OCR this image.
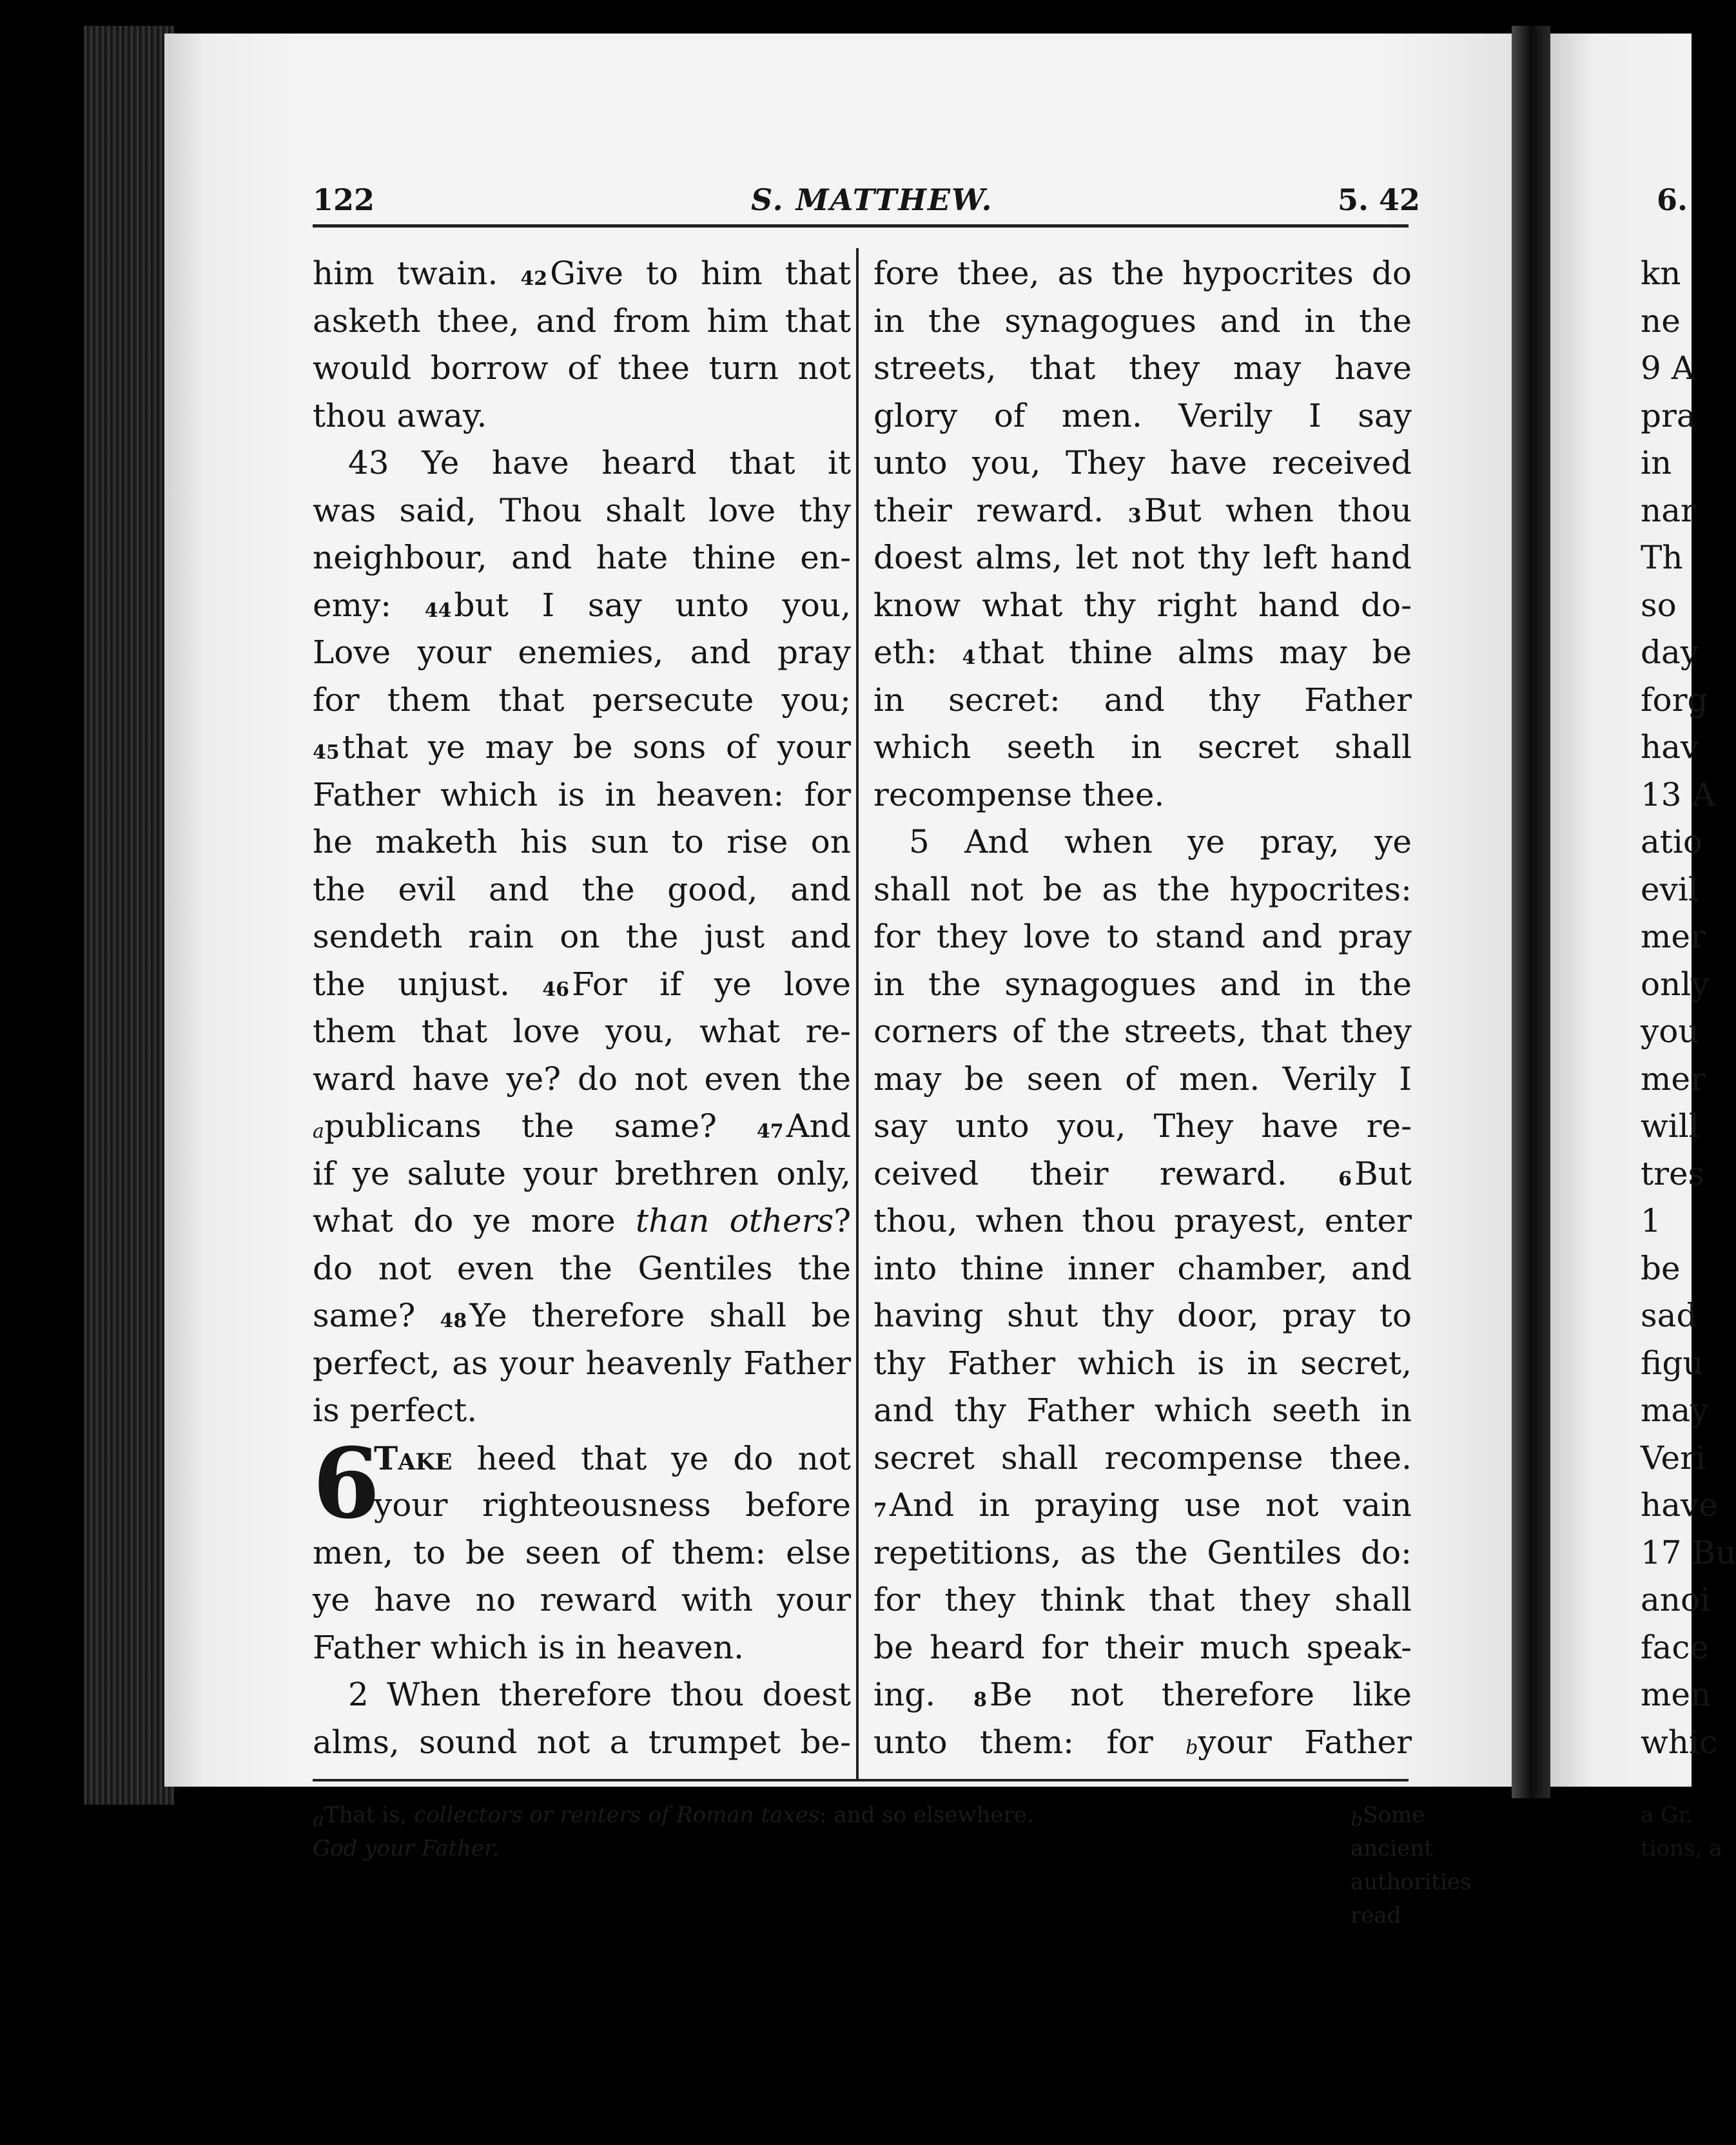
122	S. MATTHEW.	5. 42	6.
him twain. $^{42}$Give to him that
asketh thee, and from him that
would borrow of thee turn not
thou away.
43 Ye have heard that it
was said, Thou shalt love thy
neighbour, and hate thine en-
emy: $^{44}$but I say unto you,
Love your enemies, and pray
for them that persecute you;
$^{45}$that ye may be sons of your
Father which is in heaven: for
he maketh his sun to rise on
the evil and the good, and
sendeth rain on the just and
the unjust. $^{46}$For if ye love
them that love you, what re-
ward have ye? do not even the
$^a$publicans the same? $^{47}$And
if ye salute your brethren only,
what do ye more than others?
do not even the Gentiles the
same? $^{48}$Ye therefore shall be
perfect, as your heavenly Father
is perfect.
6
Take heed that ye do not
your righteousness before
men, to be seen of them: else
ye have no reward with your
Father which is in heaven.
2 When therefore thou doest
alms, sound not a trumpet be-
fore thee, as the hypocrites do
in the synagogues and in the
streets, that they may have
glory of men. Verily I say
unto you, They have received
their reward. $^3$But when thou
doest alms, let not thy left hand
know what thy right hand do-
eth: $^4$that thine alms may be
in secret: and thy Father
which seeth in secret shall
recompense thee.
5 And when ye pray, ye
shall not be as the hypocrites:
for they love to stand and pray
in the synagogues and in the
corners of the streets, that they
may be seen of men. Verily I
say unto you, They have re-
ceived their reward.	$^6$But
thou, when thou prayest, enter
into thine inner chamber, and
having shut thy door, pray to
thy Father which is in secret,
and thy Father which seeth in
secret shall recompense thee.
$^7$And in praying use not vain
repetitions, as the Gentiles do:
for they think that they shall
be heard for their much speak-
ing. $^8$Be not therefore like
unto them: for $^b$your Father
$^a$That is, collectors or renters of Roman taxes: and so elsewhere.	$^b$Some ancient authorities read
God your Father.
kn
ne
9 A
pra
in
nar
Th
so
day
forg
hav
13 A
atio
evil
mer
only
you
mer
will
tres
1
be
sad
figu
may
Veri
have
17 Bu
anoi
face
men
whic
a Gr.
tions, a
